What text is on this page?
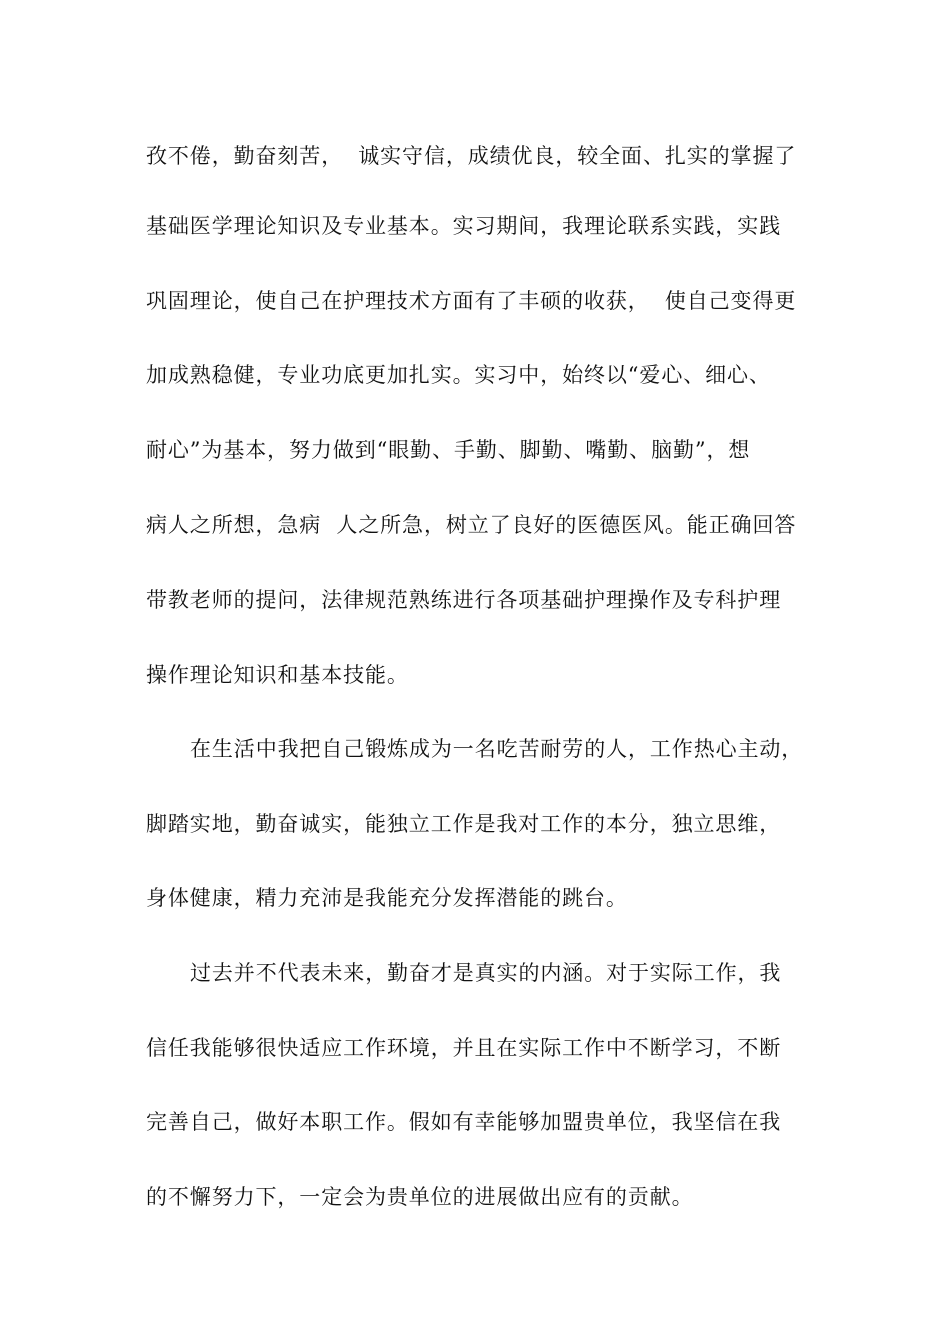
孜不倦，勤奋刻苦，  诚实守信，成绩优良，较全面、扎实的掌握了
基础医学理论知识及专业基本。实习期间，我理论联系实践，实践
巩固理论，使自己在护理技术方面有了丰硕的收获，  使自己变得更
加成熟稳健，专业功底更加扎实。实习中，始终以“爱心、细心、
耐心”为基本，努力做到“眼勤、手勤、脚勤、嘴勤、脑勤”，想
病人之所想，急病  人之所急，树立了良好的医德医风。能正确回答
带教老师的提问，法律规范熟练进行各项基础护理操作及专科护理
操作理论知识和基本技能。
在生活中我把自己锻炼成为一名吃苦耐劳的人，工作热心主动，
脚踏实地，勤奋诚实，能独立工作是我对工作的本分，独立思维，
身体健康，精力充沛是我能充分发挥潜能的跳台。
过去并不代表未来，勤奋才是真实的内涵。对于实际工作，我
信任我能够很快适应工作环境，并且在实际工作中不断学习，不断
完善自己，做好本职工作。假如有幸能够加盟贵单位，我坚信在我
的不懈努力下，一定会为贵单位的进展做出应有的贡献。
